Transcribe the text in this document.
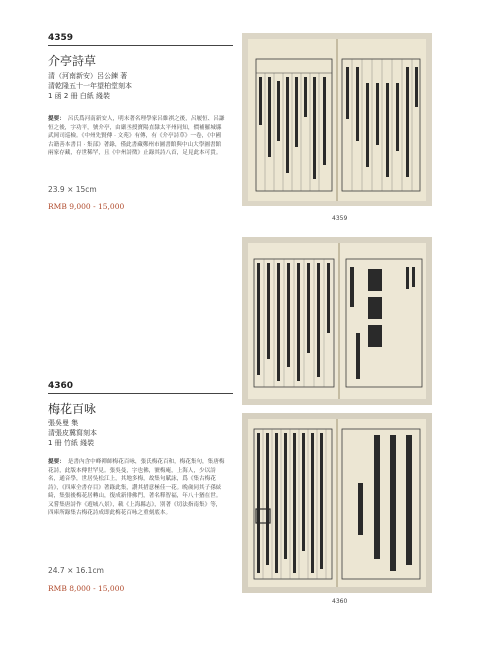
4359
介亭詩草
清（河南新安）呂公鍊 著
清乾隆五十一年望柏堂刻本
1 函 2 冊 白紙 綫裝
提要： 呂氏爲河南新安人，明末著名理學家呂維祺之後，呂履恒、呂謙恒之後，字功平，號介亭，由嚴丞授寶陽直隸太平州同知，價補羅城縣武岡司巡檢。《中州先賢傳 · 文苑》有傳，有《介亭詩草》一卷，《中國古籍善本書目 · 集部》著錄，僅此書藏鄭州市圖書館與中山大學圖書館兩家存藏，存世稀罕，且《中州詩徵》止錄其詩八首，足見此本可貴。
23.9 × 15cm
RMB 9,000 - 15,000
4359
4360
梅花百咏
張吳曼 集
清張皮冀寫刻本
1 冊 竹紙 綫裝
提要： 是書內含中峰禪師梅花百咏，張氏梅花百和，梅花集句，集唐梅花詩，此版本傳世罕見。張吳曼，字也佛，號梅庵，上海人，少以詩名，通音學，世居吳松江上，其地多梅，故集句賦詠，爲《集古梅花詩》，《四庫全書存目》著錄此集，讚其措意極佳一花。晚歲同其子孫絃綺，集張後梅花居轉山，復成新俳佛門，著名釋智福，年八十猶在世。又嘗集唐詩作《遊城八景》，載《上海縣志》，別著《切法指南集》等，四庫所錄集古梅花詩成即此梅花百咏之重刻底本。
24.7 × 16.1cm
RMB 8,000 - 15,000
4360
